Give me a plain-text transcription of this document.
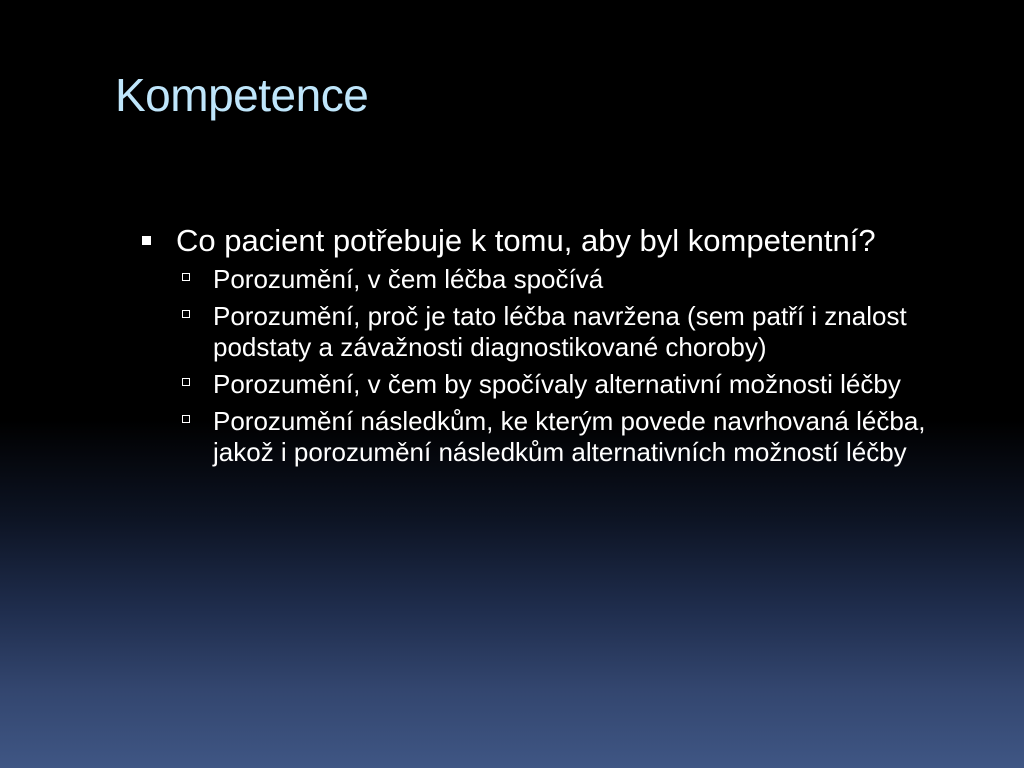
Kompetence
Co pacient potřebuje k tomu, aby byl kompetentní?
Porozumění, v čem léčba spočívá
Porozumění, proč je tato léčba navržena (sem patří i znalost podstaty a závažnosti diagnostikované choroby)
Porozumění, v čem by spočívaly alternativní možnosti léčby
Porozumění následkům, ke kterým povede navrhovaná léčba, jakož i porozumění následkům alternativních možností léčby
